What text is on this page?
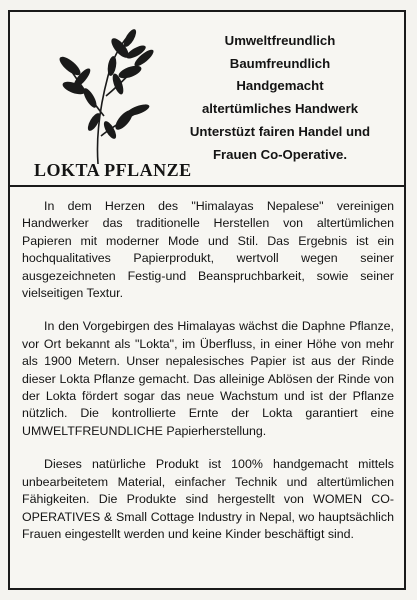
LOKTA PFLANZE
Umweltfreundlich
Baumfreundlich
Handgemacht
altertümliches Handwerk
Unterstüzt fairen Handel und
Frauen Co-Operative.

In dem Herzen des "Himalayas Nepalese" vereinigen Handwerker das traditionelle Herstellen von altertümlichen Papieren mit moderner Mode und Stil. Das Ergebnis ist ein hochqualitatives Papierprodukt, wertvoll wegen seiner ausgezeichneten Festig-und Beanspruchbarkeit, sowie seiner vielseitigen Textur.

In den Vorgebirgen des Himalayas wächst die Daphne Pflanze, vor Ort bekannt als "Lokta", im Überfluss, in einer Höhe von mehr als 1900 Metern. Unser nepalesisches Papier ist aus der Rinde dieser Lokta Pflanze gemacht. Das alleinige Ablösen der Rinde von der Lokta fördert sogar das neue Wachstum und ist der Pflanze nützlich. Die kontrollierte Ernte der Lokta garantiert eine UMWELTFREUNDLICHE Papierherstellung.

Dieses natürliche Produkt ist 100% handgemacht mittels unbearbeitetem Material, einfacher Technik und altertümlichen Fähigkeiten. Die Produkte sind hergestellt von WOMEN CO-OPERATIVES & Small Cottage Industry in Nepal, wo hauptsächlich Frauen eingestellt werden und keine Kinder beschäftigt sind.
